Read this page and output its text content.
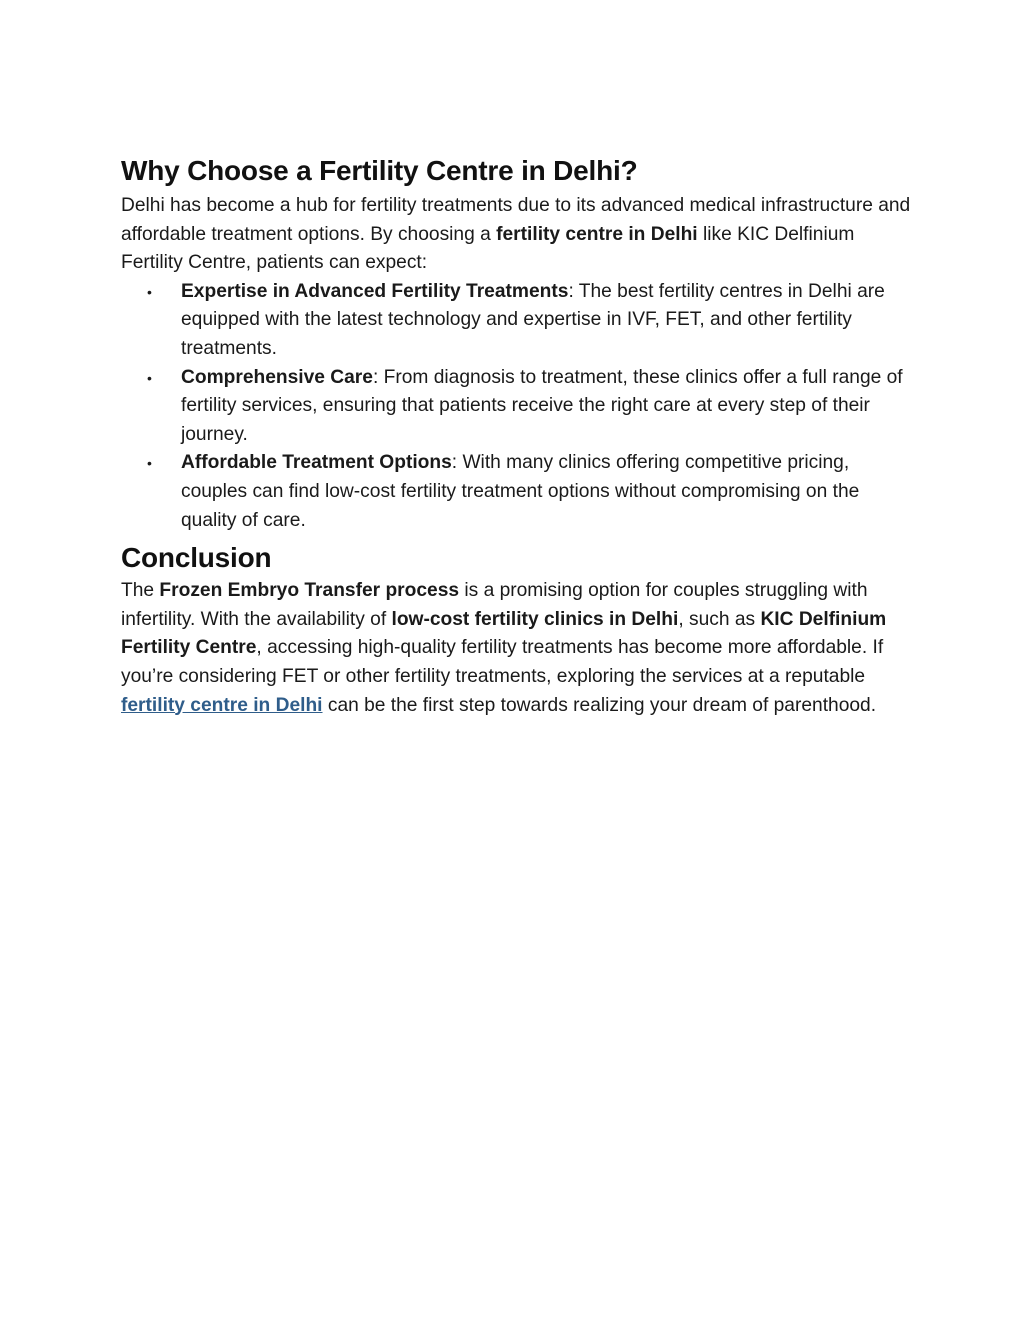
Why Choose a Fertility Centre in Delhi?

Delhi has become a hub for fertility treatments due to its advanced medical infrastructure and affordable treatment options. By choosing a fertility centre in Delhi like KIC Delfinium Fertility Centre, patients can expect:

• Expertise in Advanced Fertility Treatments: The best fertility centres in Delhi are equipped with the latest technology and expertise in IVF, FET, and other fertility treatments.
• Comprehensive Care: From diagnosis to treatment, these clinics offer a full range of fertility services, ensuring that patients receive the right care at every step of their journey.
• Affordable Treatment Options: With many clinics offering competitive pricing, couples can find low-cost fertility treatment options without compromising on the quality of care.
Conclusion

The Frozen Embryo Transfer process is a promising option for couples struggling with infertility. With the availability of low-cost fertility clinics in Delhi, such as KIC Delfinium Fertility Centre, accessing high-quality fertility treatments has become more affordable. If you’re considering FET or other fertility treatments, exploring the services at a reputable fertility centre in Delhi can be the first step towards realizing your dream of parenthood.
